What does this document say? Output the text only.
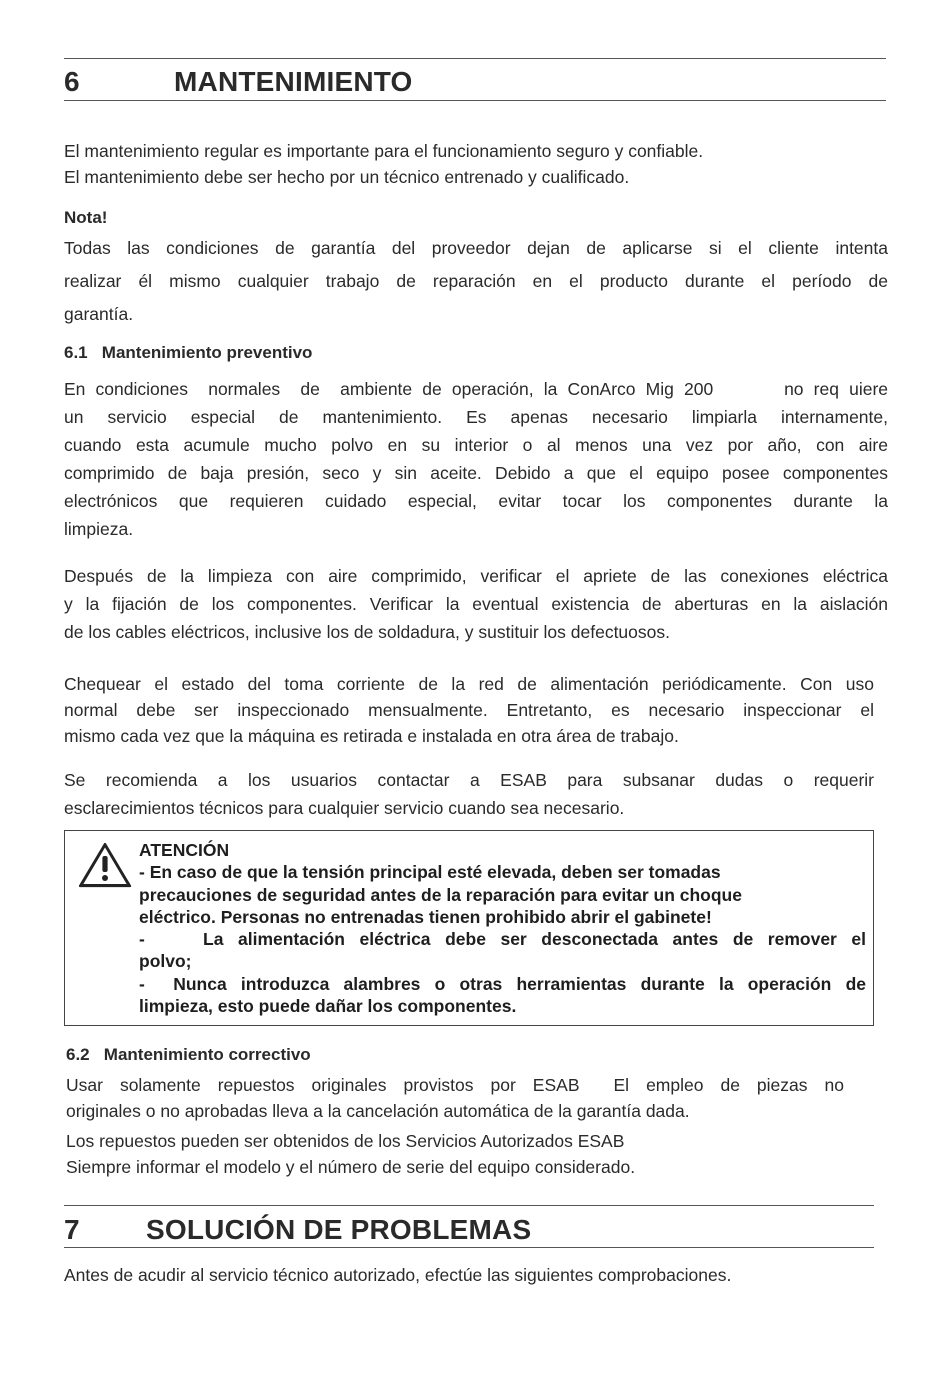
6	MANTENIMIENTO
El mantenimiento regular es importante para el funcionamiento seguro y confiable.
El mantenimiento debe ser hecho por un técnico entrenado y cualificado.
Nota!
Todas las condiciones de garantía del proveedor dejan de aplicarse si el cliente intenta
realizar él mismo cualquier trabajo de reparación en el producto durante el período de
garantía.
6.1   Mantenimiento preventivo
En condiciones  normales  de  ambiente de operación, la ConArco Mig 200       no req uiere
un servicio especial de mantenimiento. Es apenas necesario limpiarla internamente,
cuando esta acumule mucho polvo en su interior o al menos una vez por año, con aire
comprimido de baja presión, seco y sin aceite. Debido a que el equipo posee componentes
electrónicos que requieren cuidado especial, evitar tocar los componentes durante la
limpieza.
Después de la limpieza con aire comprimido, verificar el apriete de las conexiones eléctrica
y la fijación de los componentes. Verificar la eventual existencia de aberturas en la aislación
de los cables eléctricos, inclusive los de soldadura, y sustituir los defectuosos.
Chequear el estado del toma corriente de la red de alimentación periódicamente. Con uso
normal debe ser inspeccionado mensualmente. Entretanto, es necesario inspeccionar el
mismo cada vez que la máquina es retirada e instalada en otra área de trabajo.
Se recomienda a los usuarios contactar a ESAB para subsanar dudas o requerir
esclarecimientos técnicos para cualquier servicio cuando sea necesario.
ATENCIÓN
- En caso de que la tensión principal esté elevada, deben ser tomadas
precauciones de seguridad antes de la reparación para evitar un choque
eléctrico. Personas no entrenadas tienen prohibido abrir el gabinete!
-    La alimentación eléctrica debe ser desconectada antes de remover el
polvo;
-  Nunca introduzca alambres o otras herramientas durante la operación de
limpieza, esto puede dañar los componentes.
6.2   Mantenimiento correctivo
Usar solamente repuestos originales provistos por ESAB  El empleo de piezas no
originales o no aprobadas lleva a la cancelación automática de la garantía dada.
Los repuestos pueden ser obtenidos de los Servicios Autorizados ESAB
Siempre informar el modelo y el número de serie del equipo considerado.
7 SOLUCIÓN DE PROBLEMAS
Antes de acudir al servicio técnico autorizado, efectúe las siguientes comprobaciones.
